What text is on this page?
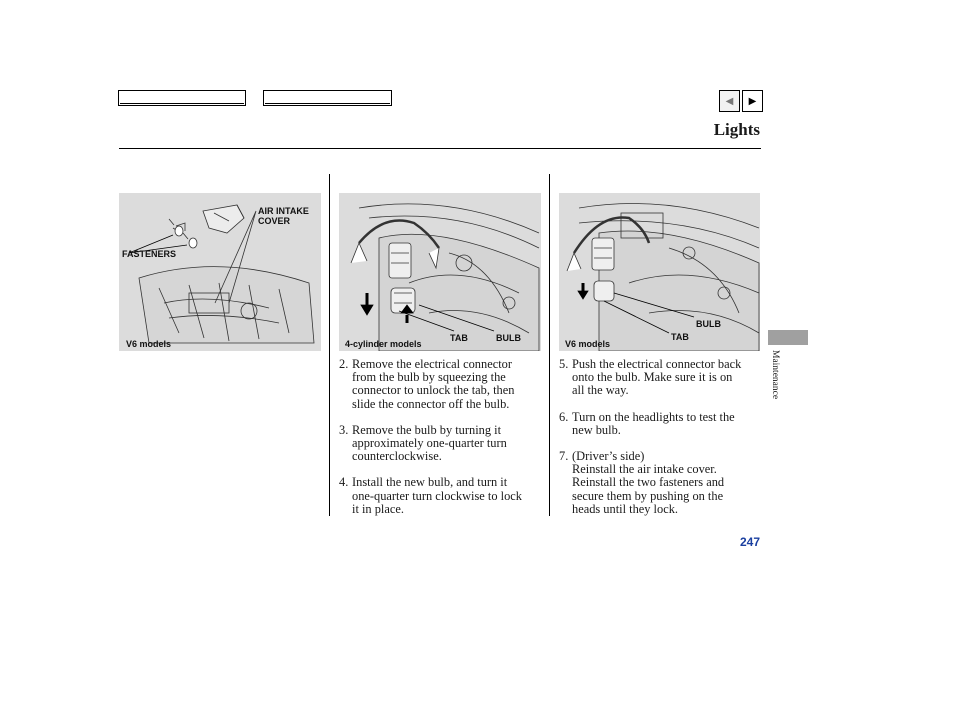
◀ ▶
Lights
AIR INTAKE
COVER
FASTENERS
V6 models
TAB	BULB
4-cylinder models
BULB
TAB
V6 models
2. Remove the electrical connector
from the bulb by squeezing the
connector to unlock the tab, then
slide the connector off the bulb.
3. Remove the bulb by turning it
approximately one-quarter turn
counterclockwise.
4. Install the new bulb, and turn it
one-quarter turn clockwise to lock
it in place.
5. Push the electrical connector back
onto the bulb. Make sure it is on
all the way.
6. Turn on the headlights to test the
new bulb.
7. (Driver’s side)
Reinstall the air intake cover.
Reinstall the two fasteners and
secure them by pushing on the
heads until they lock.
Maintenance
247
